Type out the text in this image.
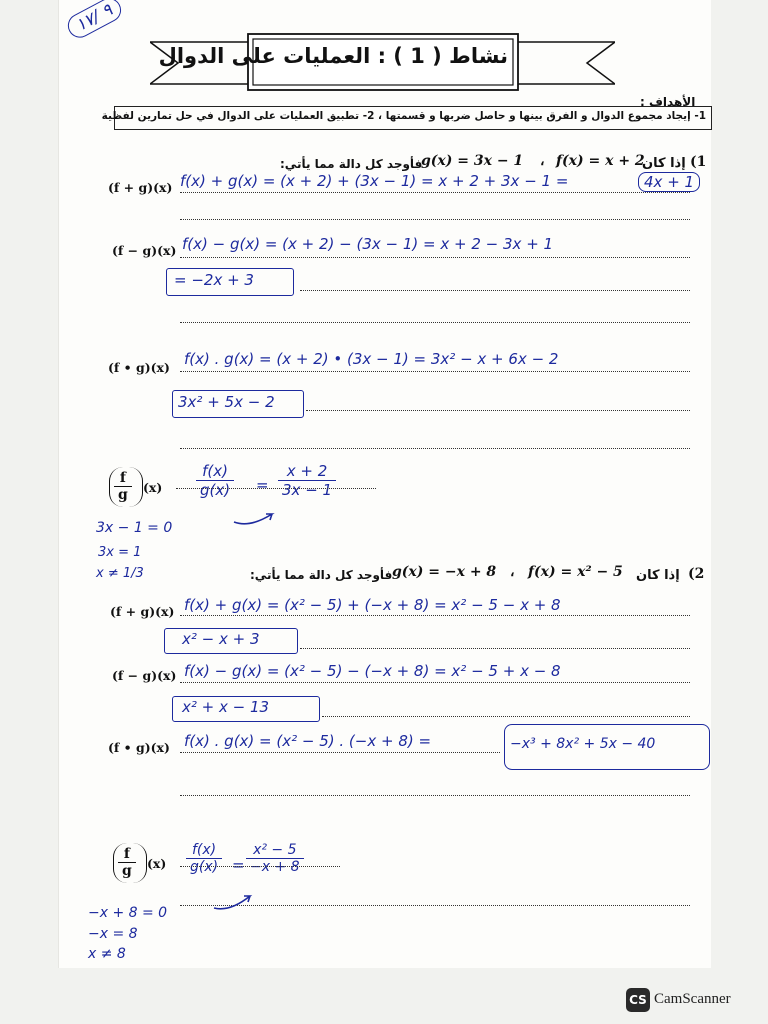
٩ /١٧
نشاط ( 1 ) : العمليات على الدوال
الأهداف :
1- إيجاد مجموع الدوال و الفرق بينها و حاصل ضربها و قسمتها ، 2- تطبيق العمليات على الدوال في حل تمارين لفظية
(1
إذا كان
f(x) = x + 2
،
g(x) = 3x − 1
فأوجد كل دالة مما يأتي:
(f + g)(x) f(x) + g(x) = (x + 2) + (3x − 1) = x + 2 + 3x − 1 =	4x + 1
(f − g)(x) f(x) − g(x) = (x + 2) − (3x − 1) = x + 2 − 3x + 1
= −2x + 3
(f • g)(x) f(x) . g(x) = (x + 2) • (3x − 1) = 3x² − x + 6x − 2
3x² + 5x − 2
$\frac{f}{g} (x) \frac{f(x)}{g(x)} = \frac{x + 2}{3x - 1}$
3x − 1 = 0
3x = 1
x ≠ 1/3	(2
إذا كان
f(x) = x² − 5
،
g(x) = −x + 8
فأوجد كل دالة مما يأتي:
(f + g)(x) f(x) + g(x) = (x² − 5) + (−x + 8) = x² − 5 − x + 8
x² − x + 3
(f − g)(x) f(x) − g(x) = (x² − 5) − (−x + 8) = x² − 5 + x − 8
x² + x − 13
(f • g)(x) f(x) . g(x) = (x² − 5) . (−x + 8) =	−x³ + 8x² + 5x − 40
$\frac{f}{g} (x) \frac{f(x)}{g(x)} = \frac{\text{x² − 5}}{-x + 8}$
−x + 8 = 0
−x = 8
x ≠ 8
CS CamScanner
